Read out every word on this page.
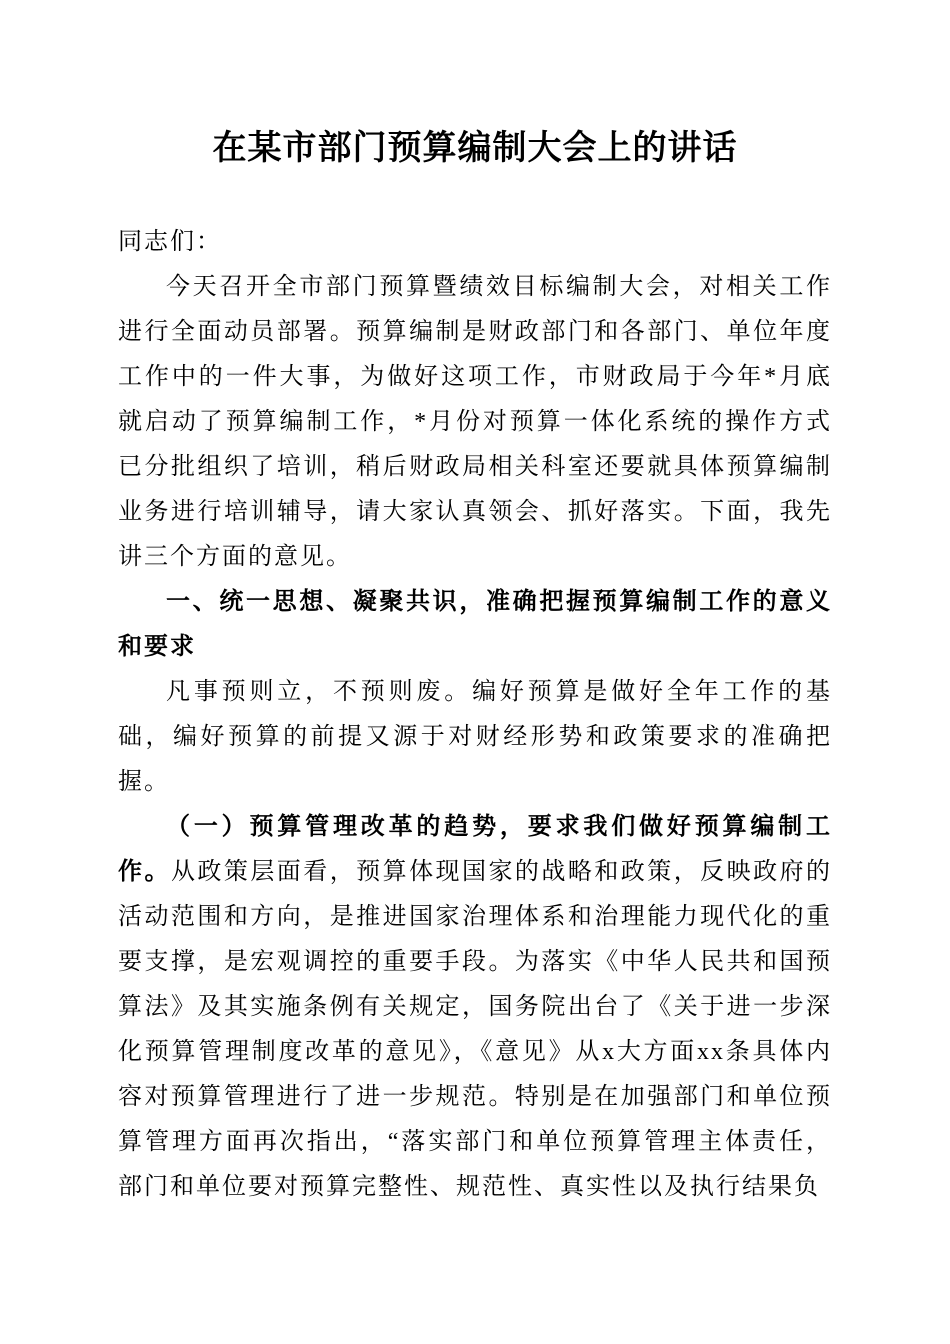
在某市部门预算编制大会上的讲话

同志们：

今天召开全市部门预算暨绩效目标编制大会，对相关工作进行全面动员部署。预算编制是财政部门和各部门、单位年度工作中的一件大事，为做好这项工作，市财政局于今年*月底就启动了预算编制工作，*月份对预算一体化系统的操作方式已分批组织了培训，稍后财政局相关科室还要就具体预算编制业务进行培训辅导，请大家认真领会、抓好落实。下面，我先讲三个方面的意见。

一、统一思想、凝聚共识，准确把握预算编制工作的意义和要求

凡事预则立，不预则废。编好预算是做好全年工作的基础，编好预算的前提又源于对财经形势和政策要求的准确把握。

（一）预算管理改革的趋势，要求我们做好预算编制工作。从政策层面看，预算体现国家的战略和政策，反映政府的活动范围和方向，是推进国家治理体系和治理能力现代化的重要支撑，是宏观调控的重要手段。为落实《中华人民共和国预算法》及其实施条例有关规定，国务院出台了《关于进一步深化预算管理制度改革的意见》，《意见》从x大方面xx条具体内容对预算管理进行了进一步规范。特别是在加强部门和单位预算管理方面再次指出，“落实部门和单位预算管理主体责任，部门和单位要对预算完整性、规范性、真实性以及执行结果负
